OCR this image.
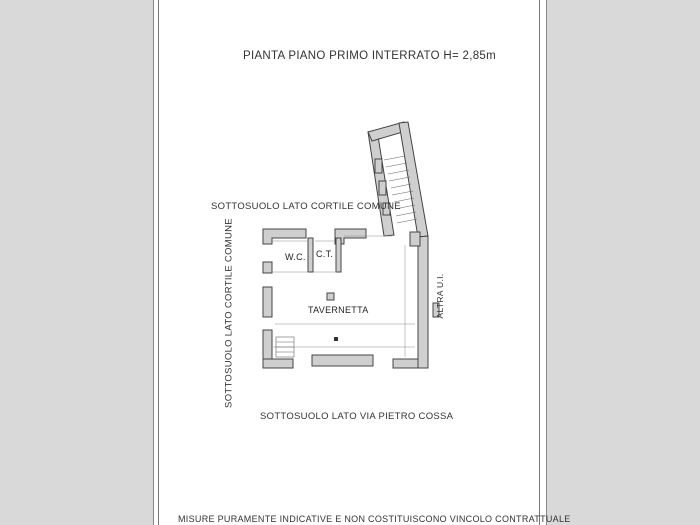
PIANTA PIANO PRIMO INTERRATO H= 2,85m
SOTTOSUOLO LATO CORTILE COMUNE
SOTTOSUOLO LATO CORTILE COMUNE
SOTTOSUOLO LATO VIA PIETRO COSSA
ALTRA U.I.
W.C. C.T.
TAVERNETTA
MISURE PURAMENTE INDICATIVE E NON COSTITUISCONO VINCOLO CONTRATTUALE
